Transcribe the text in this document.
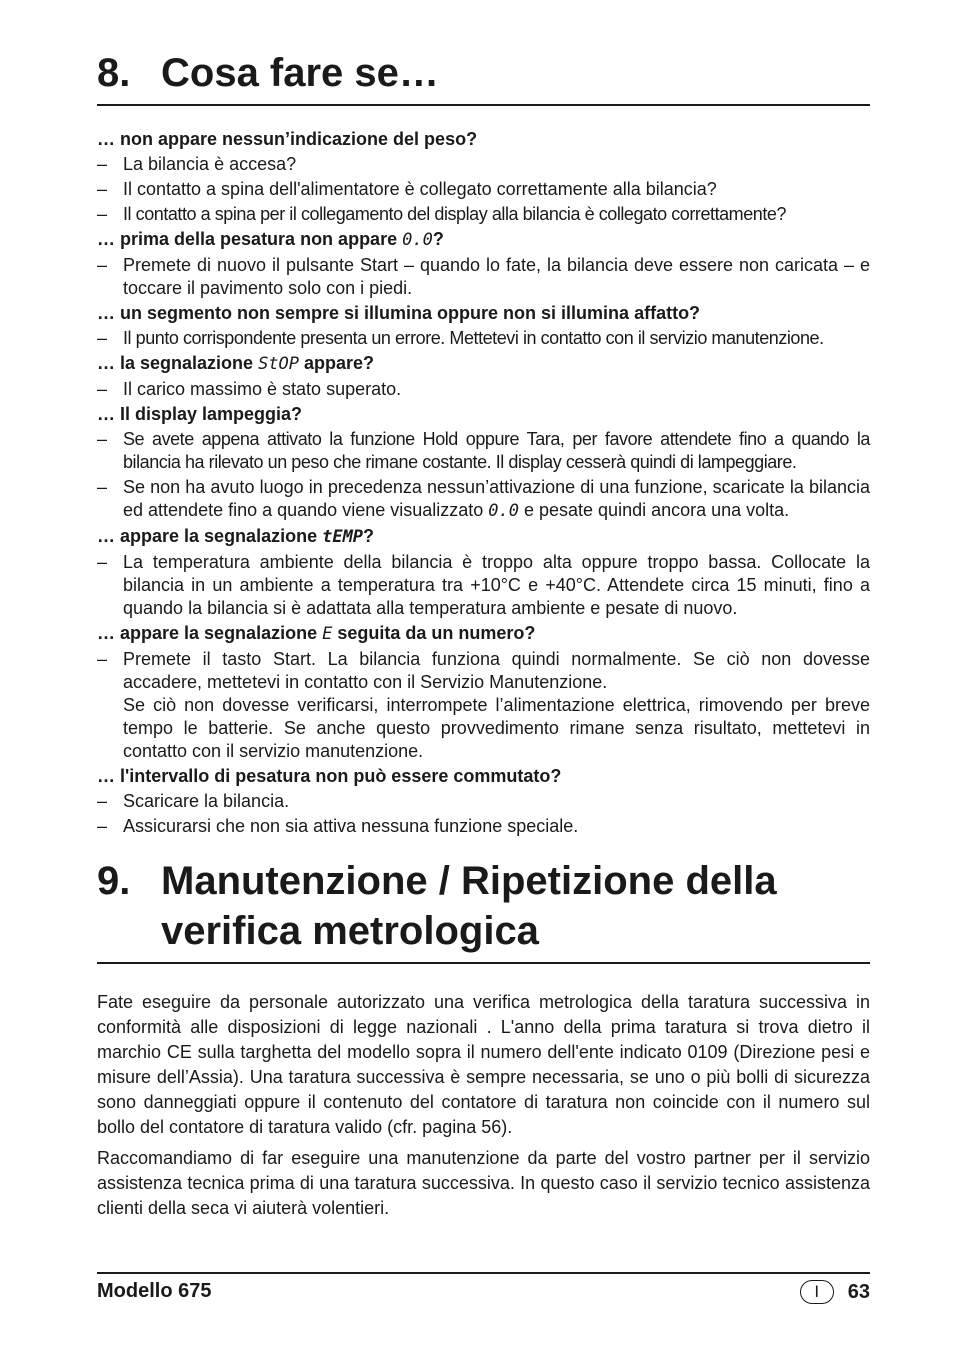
8. Cosa fare se…
… non appare nessun’indicazione del peso?
– La bilancia è accesa?
– Il contatto a spina dell'alimentatore è collegato correttamente alla bilancia?
– Il contatto a spina per il collegamento del display alla bilancia è collegato correttamente?
… prima della pesatura non appare 0.0?
– Premete di nuovo il pulsante Start – quando lo fate, la bilancia deve essere non caricata – e toccare il pavimento solo con i piedi.
… un segmento non sempre si illumina oppure non si illumina affatto?
– Il punto corrispondente presenta un errore. Mettetevi in contatto con il servizio manutenzione.
… la segnalazione StOP appare?
– Il carico massimo è stato superato.
… Il display lampeggia?
– Se avete appena attivato la funzione Hold oppure Tara, per favore attendete fino a quando la bilancia ha rilevato un peso che rimane costante. Il display cesserà quindi di lampeggiare.
– Se non ha avuto luogo in precedenza nessun’attivazione di una funzione, scaricate la bilancia ed attendete fino a quando viene visualizzato 0.0 e pesate quindi ancora una volta.
… appare la segnalazione tEMP?
– La temperatura ambiente della bilancia è troppo alta oppure troppo bassa. Collocate la bilancia in un ambiente a temperatura tra +10°C e +40°C. Attendete circa 15 minuti, fino a quando la bilancia si è adattata alla temperatura ambiente e pesate di nuovo.
… appare la segnalazione E seguita da un numero?
– Premete il tasto Start. La bilancia funziona quindi normalmente. Se ciò non dovesse accadere, mettetevi in contatto con il Servizio Manutenzione.
Se ciò non dovesse verificarsi, interrompete l’alimentazione elettrica, rimovendo per breve tempo le batterie. Se anche questo provvedimento rimane senza risultato, mettetevi in contatto con il servizio manutenzione.
… l'intervallo di pesatura non può essere commutato?
– Scaricare la bilancia.
– Assicurarsi che non sia attiva nessuna funzione speciale.
9. Manutenzione / Ripetizione della verifica metrologica
Fate eseguire da personale autorizzato una verifica metrologica della taratura successiva in conformità alle disposizioni di legge nazionali . L'anno della prima taratura si trova dietro il marchio CE sulla targhetta del modello sopra il numero dell'ente indicato 0109 (Direzione pesi e misure dell’Assia). Una taratura successiva è sempre necessaria, se uno o più bolli di sicurezza sono danneggiati oppure il contenuto del contatore di taratura non coincide con il numero sul bollo del contatore di taratura valido (cfr. pagina 56).
Raccomandiamo di far eseguire una manutenzione da parte del vostro partner per il servizio assistenza tecnica prima di una taratura successiva. In questo caso il servizio tecnico assistenza clienti della seca vi aiuterà volentieri.
Modello 675	I	63
